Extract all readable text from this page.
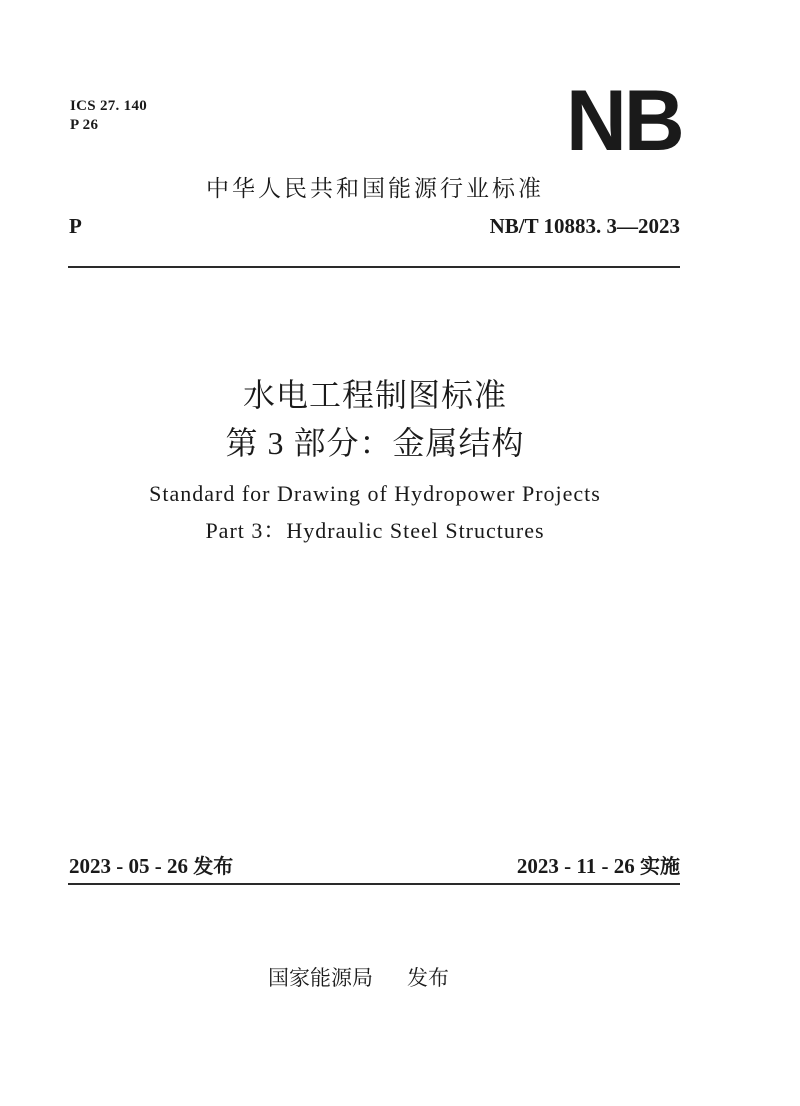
ICS 27. 140
P 26	NB
中华人民共和国能源行业标准
P	NB/T 10883. 3—2023
水电工程制图标准
第 3 部分：金属结构
Standard for Drawing of Hydropower Projects
Part 3：Hydraulic Steel Structures
2023 - 05 - 26 发布	2023 - 11 - 26 实施
国家能源局 发布
